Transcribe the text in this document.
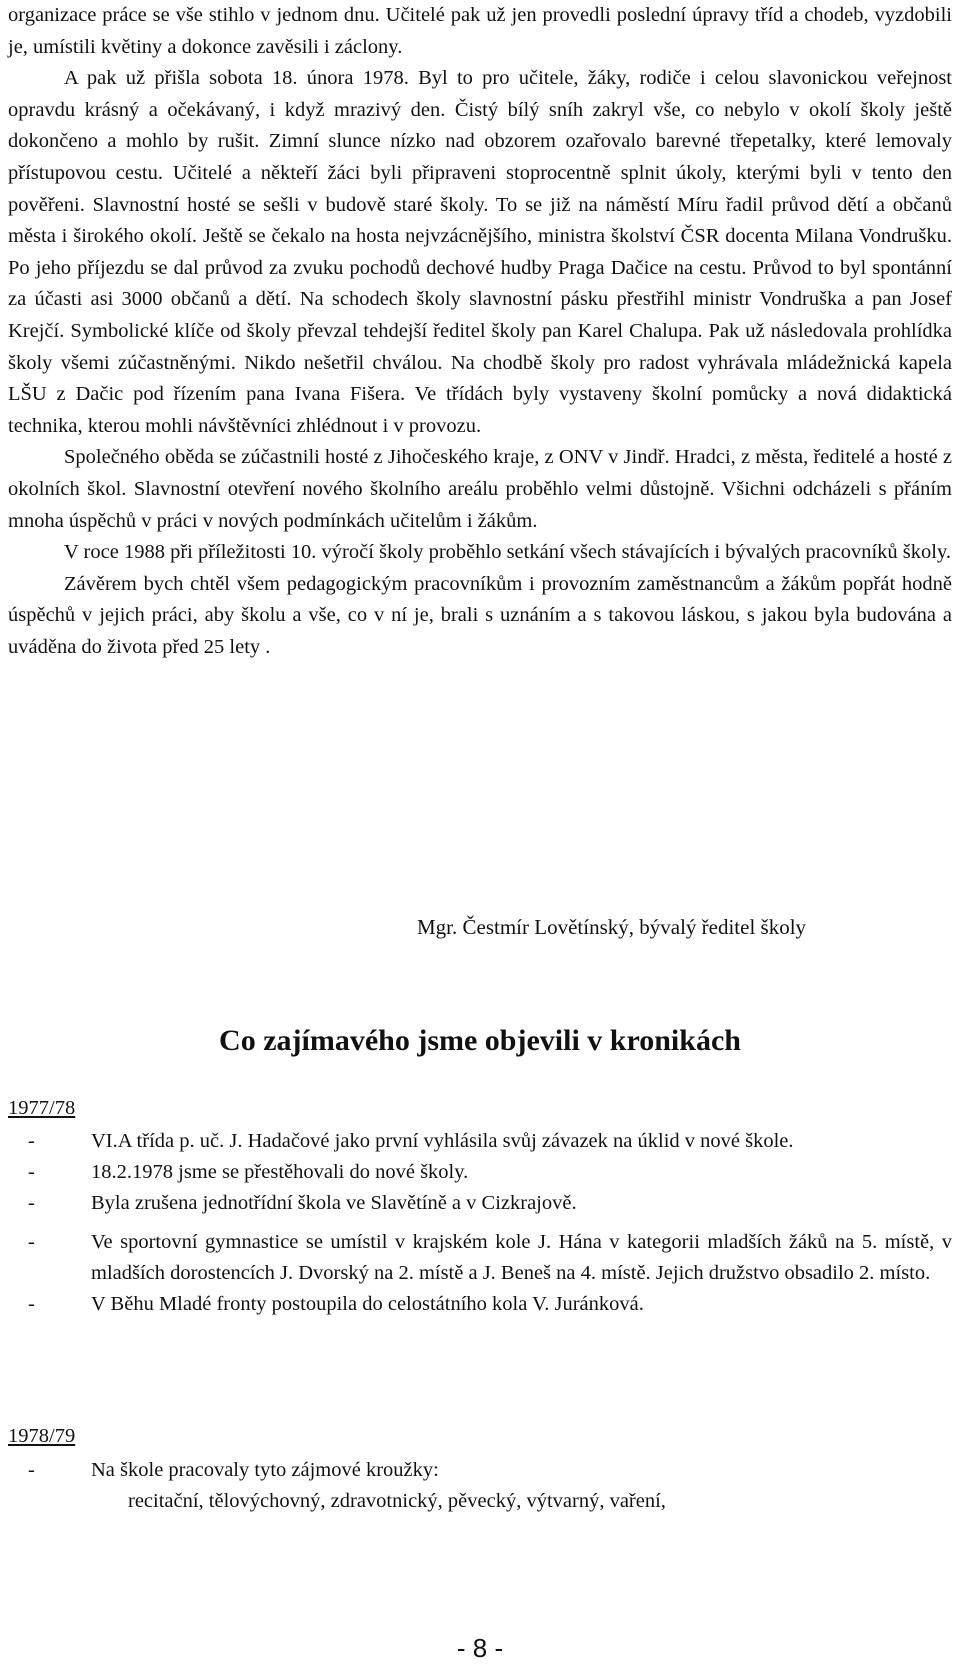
organizace práce se vše stihlo v jednom dnu. Učitelé pak už jen provedli poslední úpravy tříd a chodeb, vyzdobili je, umístili květiny a dokonce zavěsili i záclony.

A pak už přišla sobota 18. února 1978. Byl to pro učitele, žáky, rodiče i celou slavonickou veřejnost opravdu krásný a očekávaný, i když mrazivý den. Čistý bílý sníh zakryl vše, co nebylo v okolí školy ještě dokončeno a mohlo by rušit. Zimní slunce nízko nad obzorem ozařovalo barevné třepetalky, které lemovaly přístupovou cestu. Učitelé a někteří žáci byli připraveni stoprocentně splnit úkoly, kterými byli v tento den pověřeni. Slavnostní hosté se sešli v budově staré školy. To se již na náměstí Míru řadil průvod dětí a občanů města i širokého okolí. Ještě se čekalo na hosta nejvzácnějšího, ministra školství ČSR docenta Milana Vondrušku. Po jeho příjezdu se dal průvod za zvuku pochodů dechové hudby Praga Dačice na cestu. Průvod to byl spontánní za účasti asi 3000 občanů a dětí. Na schodech školy slavnostní pásku přestřihl ministr Vondruška a pan Josef Krejčí. Symbolické klíče od školy převzal tehdejší ředitel školy pan Karel Chalupa. Pak už následovala prohlídka školy všemi zúčastněnými. Nikdo nešetřil chválou. Na chodbě školy pro radost vyhrávala mládežnická kapela LŠU z Dačic pod řízením pana Ivana Fišera. Ve třídách byly vystaveny školní pomůcky a nová didaktická technika, kterou mohli návštěvníci zhlédnout i v provozu.

Společného oběda se zúčastnili hosté z Jihočeského kraje, z ONV v Jindř. Hradci, z města, ředitelé a hosté z okolních škol. Slavnostní otevření nového školního areálu proběhlo velmi důstojně. Všichni odcházeli s přáním mnoha úspěchů v práci v nových podmínkách učitelům i žákům.

V roce 1988 při příležitosti 10. výročí školy proběhlo setkání všech stávajících i bývalých pracovníků školy.

Závěrem bych chtěl všem pedagogickým pracovníkům i provozním zaměstnancům a žákům popřát hodně úspěchů v jejich práci, aby školu a vše, co v ní je, brali s uznáním a s takovou láskou, s jakou byla budována a uváděna do života před 25 lety .

Mgr. Čestmír Lovětínský, bývalý ředitel školy
Co zajímavého jsme objevili v kronikách
1977/78
-	VI.A třída p. uč. J. Hadačové jako první vyhlásila svůj závazek na úklid v nové škole.
-	18.2.1978 jsme se přestěhovali do nové školy.
-	Byla zrušena jednotřídní škola ve Slavětíně a v Cizkrajově.
-	Ve sportovní gymnastice se umístil v krajském kole J. Hána v kategorii mladších žáků na 5. místě, v mladších dorostencích J. Dvorský na 2. místě a J. Beneš na 4. místě. Jejich družstvo obsadilo 2. místo.
-	V Běhu Mladé fronty postoupila do celostátního kola V. Juránková.
1978/79
-	Na škole pracovaly tyto zájmové kroužky:
recitační, tělovýchovný, zdravotnický, pěvecký, výtvarný, vaření,
- 8 -
